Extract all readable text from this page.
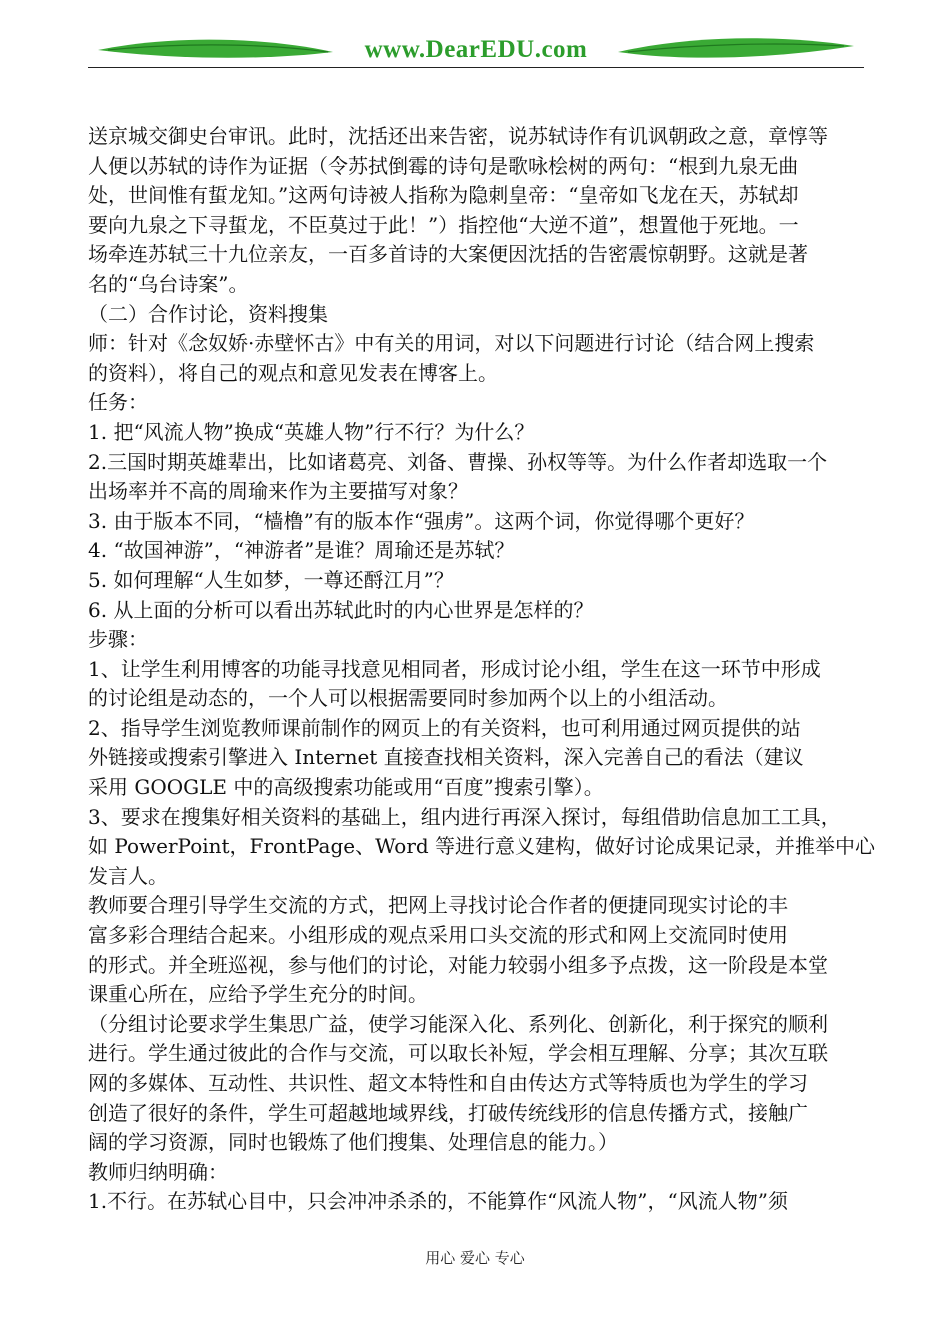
www.DearEDU.com
送京城交御史台审讯。此时，沈括还出来告密，说苏轼诗作有讥讽朝政之意，章惇等
人便以苏轼的诗作为证据（令苏拭倒霉的诗句是歌咏桧树的两句：“根到九泉无曲
处，世间惟有蜇龙知。”这两句诗被人指称为隐刺皇帝：“皇帝如飞龙在天，苏轼却
要向九泉之下寻蜇龙，不臣莫过于此！”）指控他“大逆不道”，想置他于死地。一
场牵连苏轼三十九位亲友，一百多首诗的大案便因沈括的告密震惊朝野。这就是著
名的“乌台诗案”。
（二）合作讨论，资料搜集
师：针对《念奴娇·赤壁怀古》中有关的用词，对以下问题进行讨论（结合网上搜索
的资料），将自己的观点和意见发表在博客上。
任务：
1. 把“风流人物”换成“英雄人物”行不行？为什么？
2.三国时期英雄辈出，比如诸葛亮、刘备、曹操、孙权等等。为什么作者却选取一个
出场率并不高的周瑜来作为主要描写对象？
3. 由于版本不同，“樯橹”有的版本作“强虏”。这两个词，你觉得哪个更好？
4. “故国神游”，“神游者”是谁？周瑜还是苏轼？
5. 如何理解“人生如梦，一尊还酹江月”？
6. 从上面的分析可以看出苏轼此时的内心世界是怎样的？
步骤：
1、让学生利用博客的功能寻找意见相同者，形成讨论小组，学生在这一环节中形成
的讨论组是动态的，一个人可以根据需要同时参加两个以上的小组活动。
2、指导学生浏览教师课前制作的网页上的有关资料，也可利用通过网页提供的站
外链接或搜索引擎进入 Internet 直接查找相关资料，深入完善自己的看法（建议
采用 GOOGLE 中的高级搜索功能或用“百度”搜索引擎）。
3、要求在搜集好相关资料的基础上，组内进行再深入探讨，每组借助信息加工工具，
如 PowerPoint，FrontPage、Word 等进行意义建构，做好讨论成果记录，并推举中心
发言人。
教师要合理引导学生交流的方式，把网上寻找讨论合作者的便捷同现实讨论的丰
富多彩合理结合起来。小组形成的观点采用口头交流的形式和网上交流同时使用
的形式。并全班巡视，参与他们的讨论，对能力较弱小组多予点拨，这一阶段是本堂
课重心所在，应给予学生充分的时间。
（分组讨论要求学生集思广益，使学习能深入化、系列化、创新化，利于探究的顺利
进行。学生通过彼此的合作与交流，可以取长补短，学会相互理解、分享；其次互联
网的多媒体、互动性、共识性、超文本特性和自由传达方式等特质也为学生的学习
创造了很好的条件，学生可超越地域界线，打破传统线形的信息传播方式，接触广
阔的学习资源，同时也锻炼了他们搜集、处理信息的能力。）
教师归纳明确：
1.不行。在苏轼心目中，只会冲冲杀杀的，不能算作“风流人物”，“风流人物”须
用心 爱心 专心
